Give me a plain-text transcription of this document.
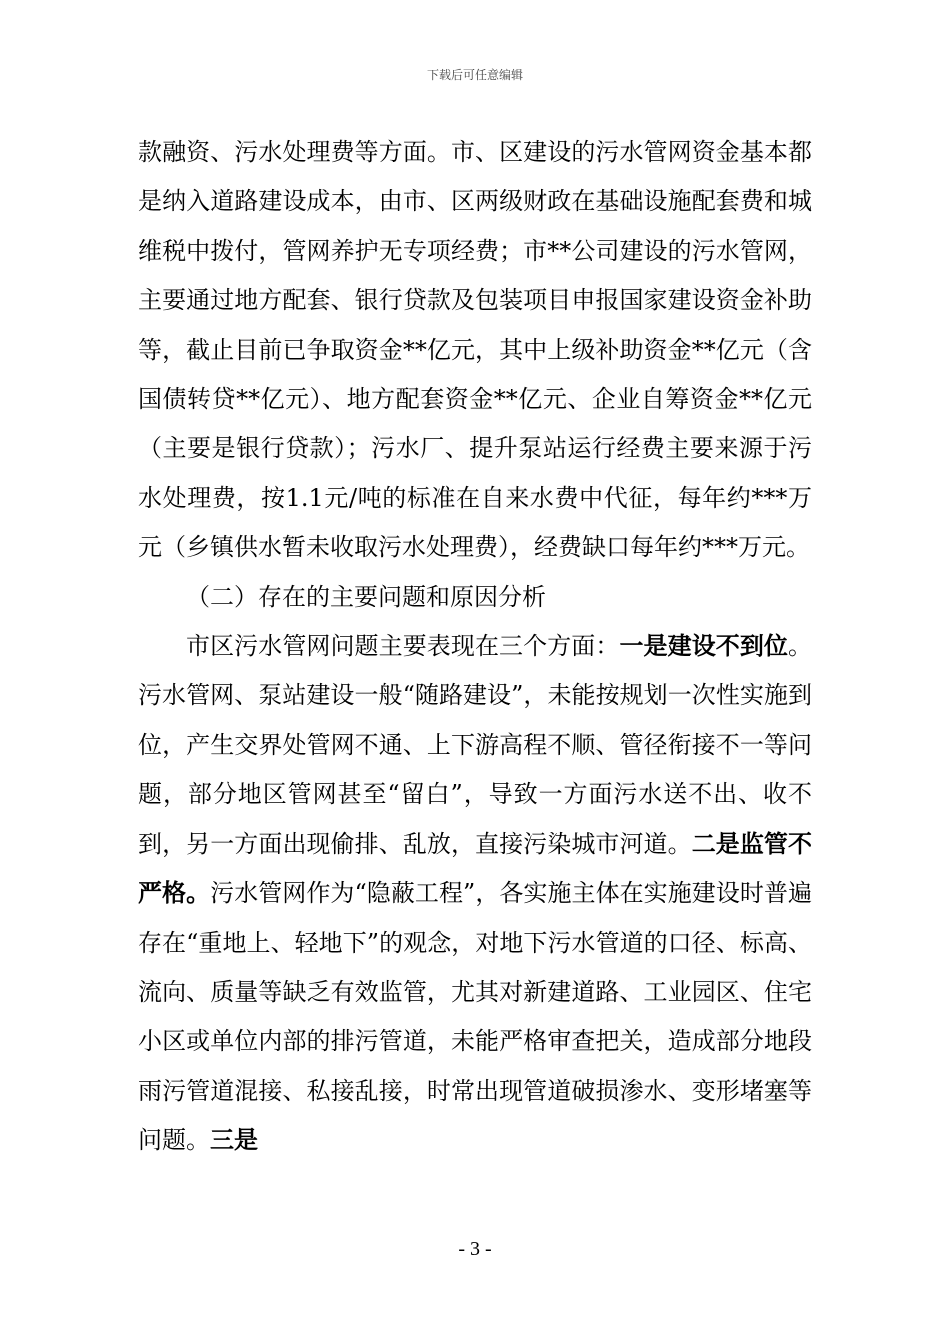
下载后可任意编辑

款融资、污水处理费等方面。市、区建设的污水管网资金基本都是纳入道路建设成本，由市、区两级财政在基础设施配套费和城维税中拨付，管网养护无专项经费；市**公司建设的污水管网，主要通过地方配套、银行贷款及包装项目申报国家建设资金补助等，截止目前已争取资金**亿元，其中上级补助资金**亿元（含国债转贷**亿元）、地方配套资金**亿元、企业自筹资金**亿元（主要是银行贷款）；污水厂、提升泵站运行经费主要来源于污水处理费，按1.1元/吨的标准在自来水费中代征，每年约***万元（乡镇供水暂未收取污水处理费），经费缺口每年约***万元。

（二）存在的主要问题和原因分析

市区污水管网问题主要表现在三个方面：一是建设不到位。污水管网、泵站建设一般“随路建设”，未能按规划一次性实施到位，产生交界处管网不通、上下游高程不顺、管径衔接不一等问题，部分地区管网甚至“留白”，导致一方面污水送不出、收不到，另一方面出现偷排、乱放，直接污染城市河道。二是监管不严格。污水管网作为“隐蔽工程”，各实施主体在实施建设时普遍存在“重地上、轻地下”的观念，对地下污水管道的口径、标高、流向、质量等缺乏有效监管，尤其对新建道路、工业园区、住宅小区或单位内部的排污管道，未能严格审查把关，造成部分地段雨污管道混接、私接乱接，时常出现管道破损渗水、变形堵塞等问题。三是

- 3 -
